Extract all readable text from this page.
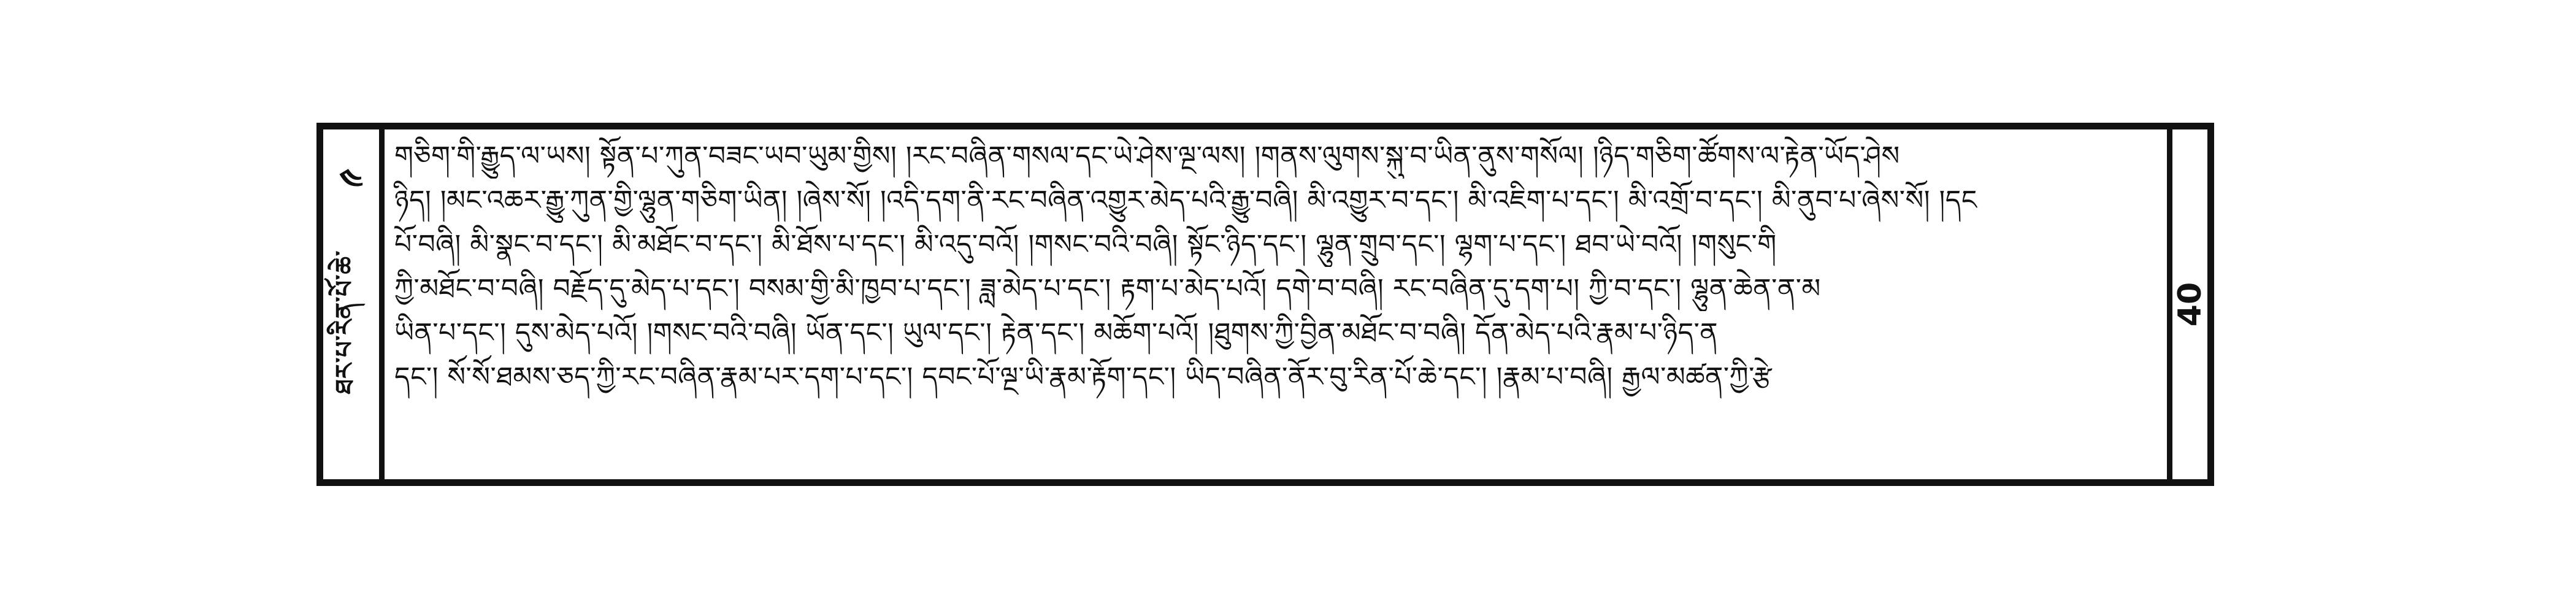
༤
ཐར་པ་རིན་པོ་ཆེ་
གཅིག་གི་རྒྱུད་ལ་ཡས། སྟོན་པ་ཀུན་བཟང་ཡབ་ཡུམ་གྱིས། །རང་བཞིན་གསལ་དང་ཡེ་ཤེས་ལྔ་ལས། །གནས་ལུགས་སྐུ་བ་ཡིན་ནུས་གསོལ། །ཉིད་གཅིག་ཚོགས་ལ་རྟེན་ཡོད་ཤེས
ཉིད། །མང་འཆར་རྒྱུ་ཀུན་གྱི་ལྷུན་གཅིག་ཡིན། །ཞེས་སོ། །འདི་དག་ནི་རང་བཞིན་འགྱུར་མེད་པའི་རྒྱུ་བཞི། མི་འགྱུར་བ་དང་། མི་འཇིག་པ་དང་། མི་འགྲོ་བ་དང་། མི་ནུབ་པ་ཞེས་སོ། །དང
པོ་བཞི། མི་སྣང་བ་དང་། མི་མཐོང་བ་དང་། མི་ཐོས་པ་དང་། མི་འདུ་བའོ། །གསང་བའི་བཞི། སྟོང་ཉིད་དང་། ལྷུན་གྲུབ་དང་། ལྷག་པ་དང་། ཐབ་ཡེ་བའོ། །གསུང་གི
ཀྱི་མཐོང་བ་བཞི། བརྗོད་དུ་མེད་པ་དང་། བསམ་གྱི་མི་ཁྱབ་པ་དང་། ཟླ་མེད་པ་དང་། རྟག་པ་མེད་པའོ། དགེ་བ་བཞི། རང་བཞིན་དུ་དག་པ། ཀྱི་བ་དང་། ལྷུན་ཆེན་ན་མ
ཡིན་པ་དང་། དུས་མེད་པའོ། །གསང་བའི་བཞི། ཡོན་དང་། ཡུལ་དང་། རྟེན་དང་། མཆོག་པའོ། །ཐུགས་ཀྱི་བྱིན་མཐོང་བ་བཞི། དོན་མེད་པའི་རྣམ་པ་ཉིད་ན
དང་། སོ་སོ་ཐམས་ཅད་ཀྱི་རང་བཞིན་རྣམ་པར་དག་པ་དང་། དབང་པོ་ལྔ་ཡི་རྣམ་རྟོག་དང་། ཡིད་བཞིན་ནོར་བུ་རིན་པོ་ཆེ་དང་། །རྣམ་པ་བཞི། རྒྱལ་མཚན་ཀྱི་རྩེ
40
